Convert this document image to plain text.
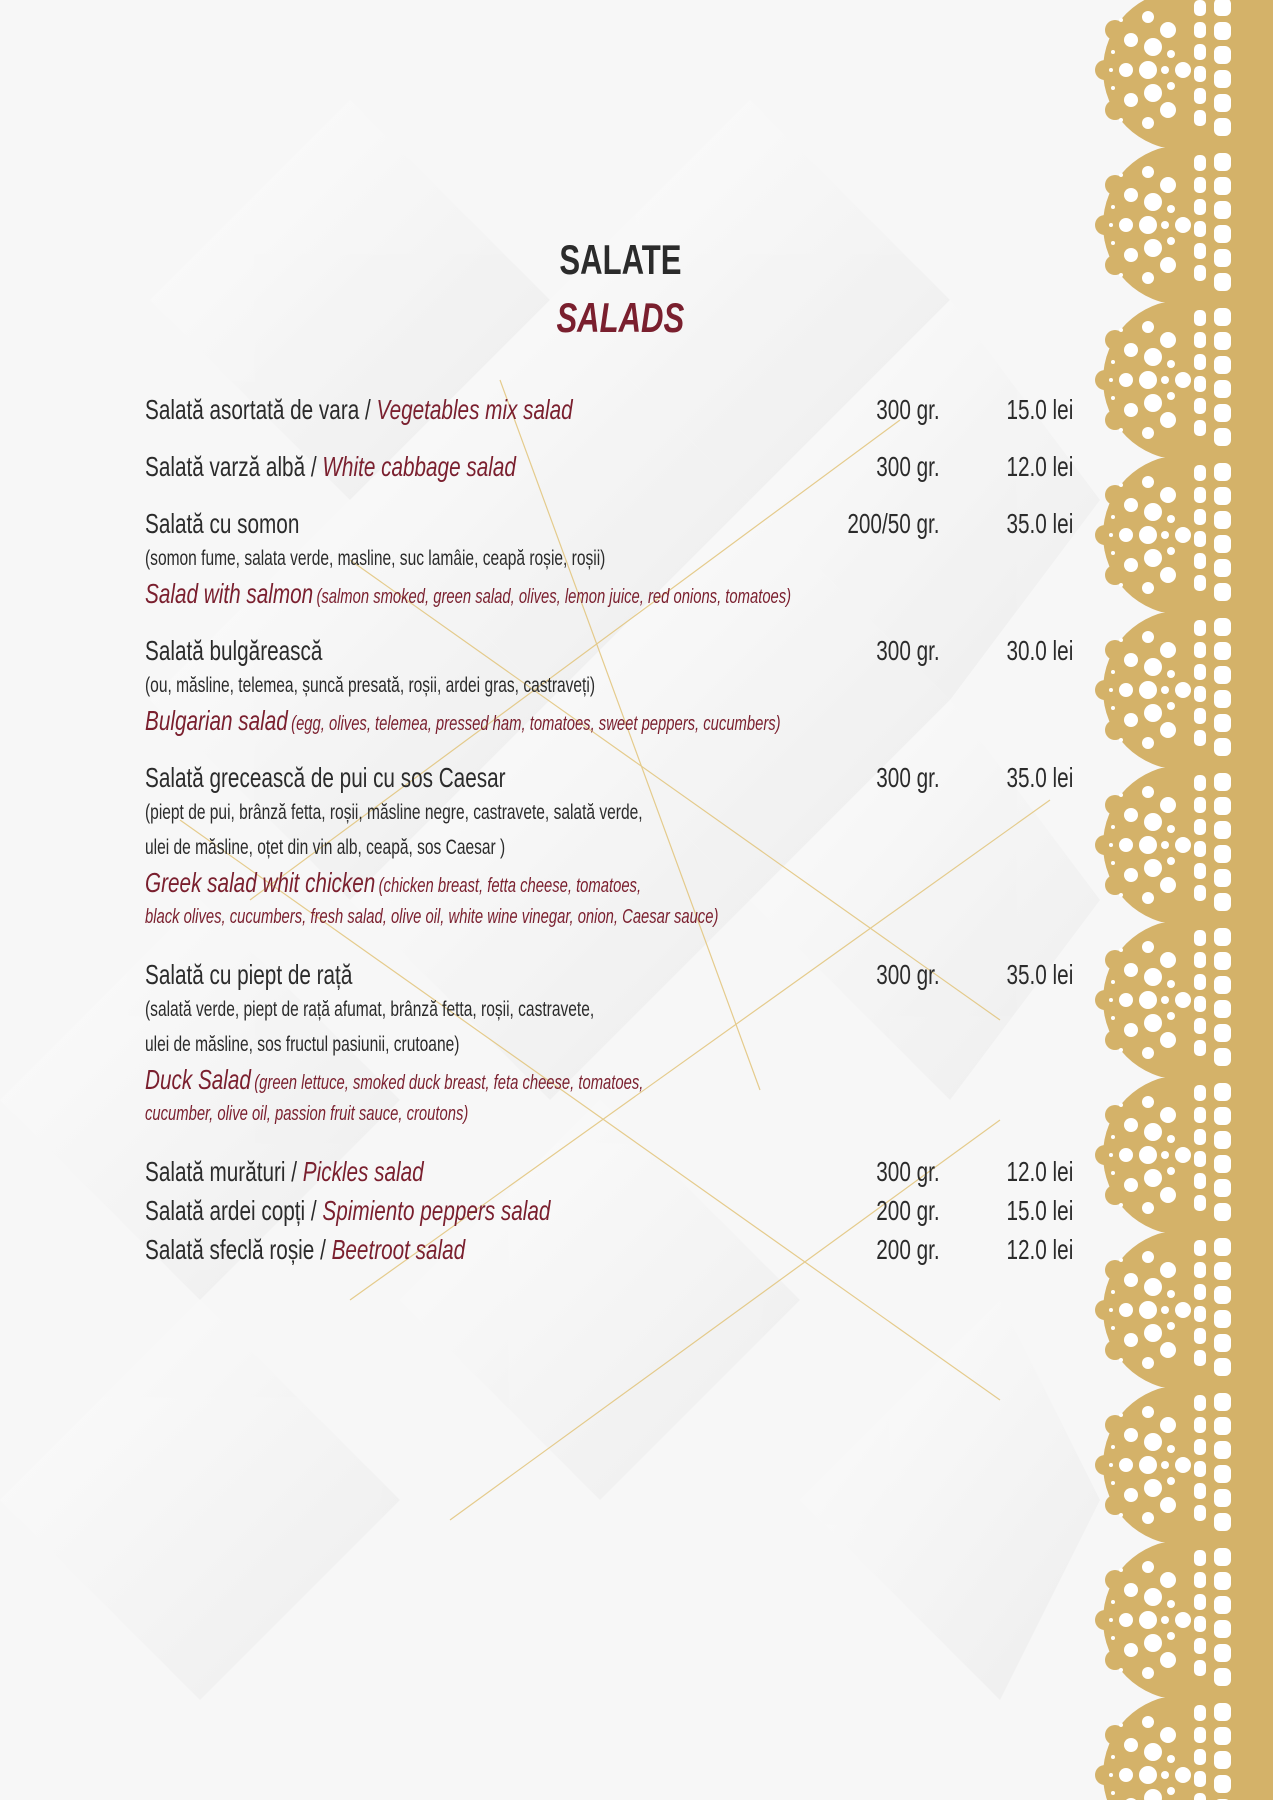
SALATE
SALADS
Salată asortată de vara / Vegetables mix salad	300 gr.	15.0 lei
Salată varză albă / White cabbage salad	300 gr.	12.0 lei
Salată cu somon
(somon fume, salata verde, masline, suc lamâie, ceapă roșie, roșii)
Salad with salmon (salmon smoked, green salad, olives, lemon juice, red onions, tomatoes)
200/50 gr.	35.0 lei
Salată bulgărească
(ou, măsline, telemea, șuncă presată, roșii, ardei gras, castraveți)
Bulgarian salad (egg, olives, telemea, pressed ham, tomatoes, sweet peppers, cucumbers)
300 gr.	30.0 lei
Salată grecească de pui cu sos Caesar
(piept de pui, brânză fetta, roșii, măsline negre, castravete, salată verde,
ulei de măsline, oțet din vin alb, ceapă, sos Caesar )
Greek salad whit chicken (chicken breast, fetta cheese, tomatoes,
black olives, cucumbers, fresh salad, olive oil, white wine vinegar, onion, Caesar sauce)
300 gr.	35.0 lei
Salată cu piept de rață
(salată verde, piept de rață afumat, brânză fetta, roșii, castravete,
ulei de măsline, sos fructul pasiunii, crutoane)
Duck Salad (green lettuce, smoked duck breast, feta cheese, tomatoes,
cucumber, olive oil, passion fruit sauce, croutons)
300 gr.	35.0 lei
Salată murături / Pickles salad	300 gr.	12.0 lei
Salată ardei copți / Spimiento peppers salad	200 gr.	15.0 lei
Salată sfeclă roșie / Beetroot salad	200 gr.	12.0 lei
